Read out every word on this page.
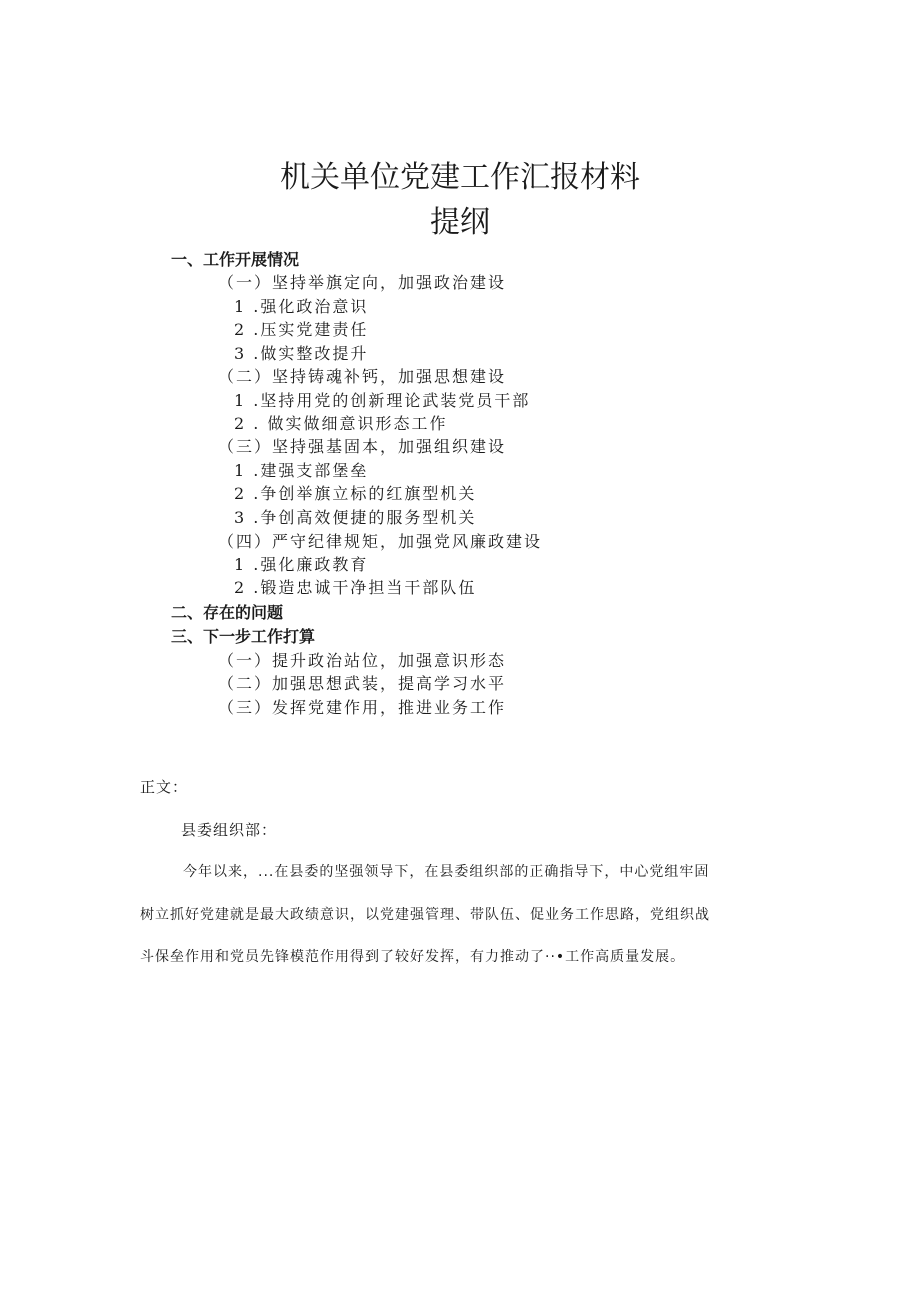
机关单位党建工作汇报材料
提纲
一、工作开展情况
（一）坚持举旗定向，加强政治建设
1 .强化政治意识
2 .压实党建责任
3 .做实整改提升
（二）坚持铸魂补钙，加强思想建设
1 .坚持用党的创新理论武装党员干部
2 . 做实做细意识形态工作
（三）坚持强基固本，加强组织建设
1 .建强支部堡垒
2 .争创举旗立标的红旗型机关
3 .争创高效便捷的服务型机关
（四）严守纪律规矩，加强党风廉政建设
1 .强化廉政教育
2 .锻造忠诚干净担当干部队伍
二、存在的问题
三、下一步工作打算
（一）提升政治站位，加强意识形态
（二）加强思想武装，提高学习水平
（三）发挥党建作用，推进业务工作
正文：
县委组织部：
今年以来，...在县委的坚强领导下，在县委组织部的正确指导下，中心党组牢固
树立抓好党建就是最大政绩意识，以党建强管理、带队伍、促业务工作思路，党组织战
斗保垒作用和党员先锋模范作用得到了较好发挥，有力推动了··•工作高质量发展。
